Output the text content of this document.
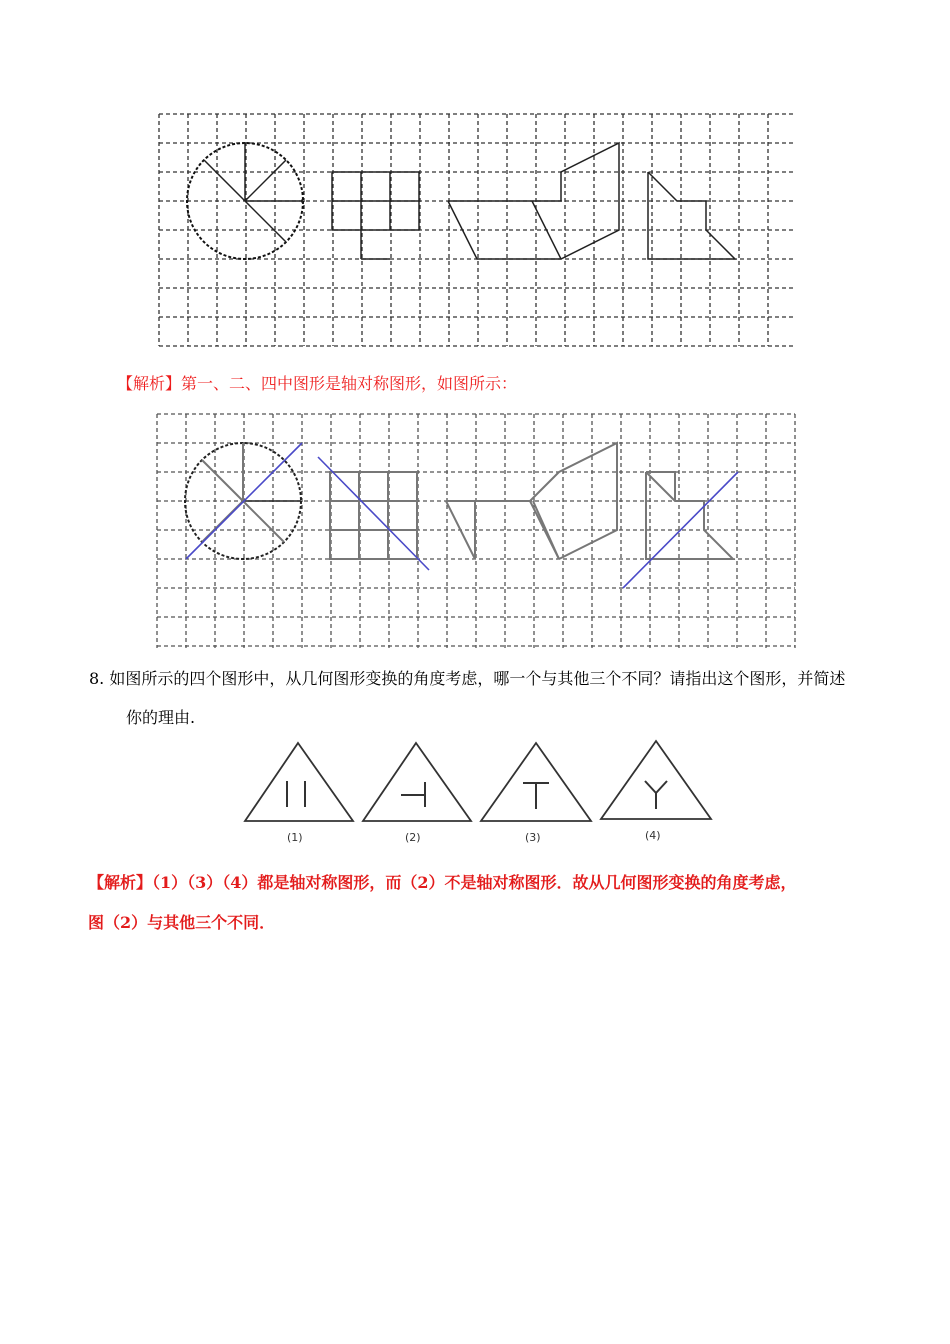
【解析】第一、二、四中图形是轴对称图形，如图所示：
8. 如图所示的四个图形中，从几何图形变换的角度考虑，哪一个与其他三个不同？请指出这个图形，并简述
你的理由.
(1)	(2)	(3)	(4)
【解析】（1）（3）（4）都是轴对称图形，而（2）不是轴对称图形．故从几何图形变换的角度考虑，
图（2）与其他三个不同．
